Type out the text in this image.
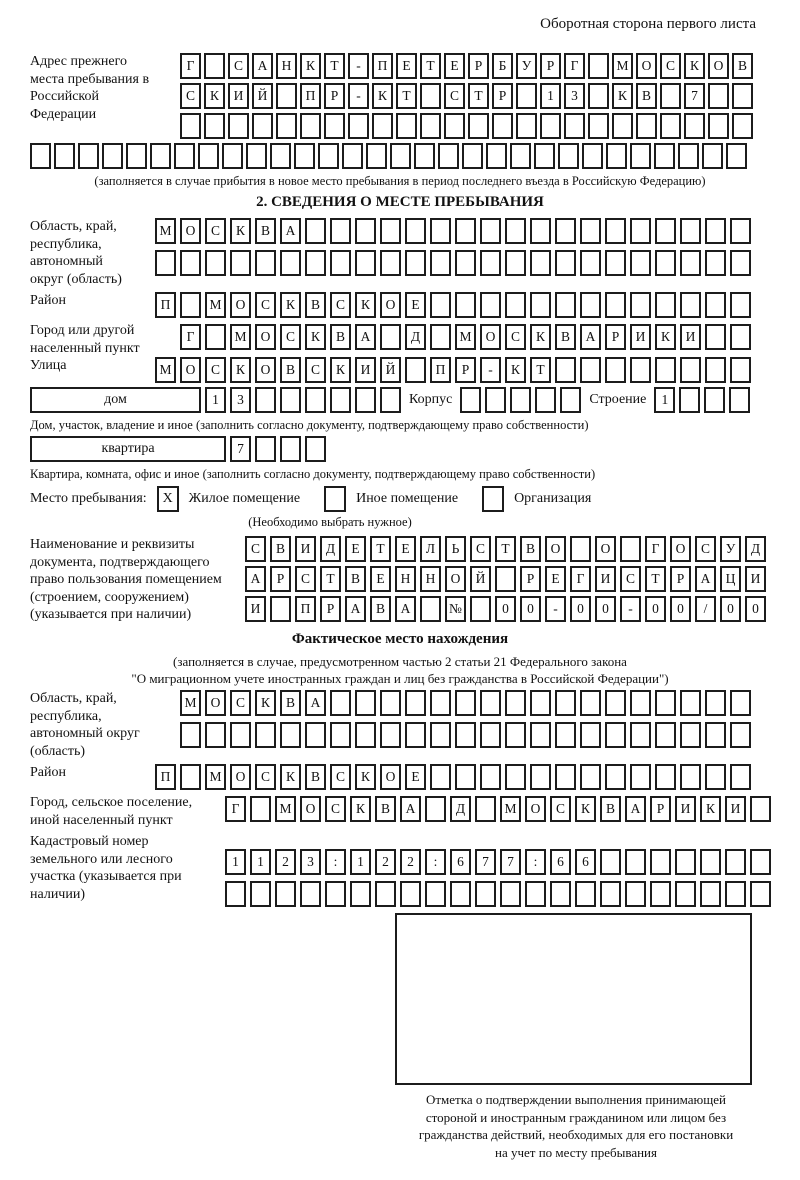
Оборотная сторона первого листа
Адрес прежнего места пребывания в Российской Федерации
Г	С	А	Н	К	Т	-	П	Е	Т	Е	Р	Б	У	Р	Г	М О	С	К	О	В
С	К	И	Й	П	Р	-	К	Т	С	Т	Р	1	3	К	В	7
(заполняется в случае прибытия в новое место пребывания в период последнего въезда в Российскую Федерацию)
2. СВЕДЕНИЯ О МЕСТЕ ПРЕБЫВАНИЯ
Область, край, республика, автономный округ (область)
М	О	С	К	В	А
Район	П	М	О	С	К	В	С	К	О	Е
Город или другой населенный пункт
Г	М	О	С	К	В	А	Д	М	О	С	К	В	А	Р	И	К	И
Улица	М	О	С	К	О	В	С	К	И	Й	П	Р	-	К	Т
дом	1	3	Корпус	Строение	1
Дом, участок, владение и иное (заполнить согласно документу, подтверждающему право собственности)
квартира	7
Квартира, комната, офис и иное (заполнить согласно документу, подтверждающему право собственности)
Место пребывания:	X	Жилое помещение	Иное помещение	Организация
(Необходимо выбрать нужное)
Наименование и реквизиты документа, подтверждающего право пользования помещением (строением, сооружением) (указывается при наличии)
С	В	И	Д	Е	Т	Е	Л	Ь	С	Т	В	О	О	Г	О	С	У	Д
А	Р	С	Т	В	Е	Н	Н	О	Й	Р	Е	Г	И	С	Т	Р	А	Ц	И
И	П	Р	А	В	А	№	0	0	-	0	0	-	0	0	/	0	0
Фактическое место нахождения
(заполняется в случае, предусмотренном частью 2 статьи 21 Федерального закона
"О миграционном учете иностранных граждан и лиц без гражданства в Российской Федерации")
Область, край, республика, автономный округ (область)
М	О	С	К	В	А
Район	П	М	О	С	К	В	С	К	О	Е
Город, сельское поселение, иной населенный пункт
Г	М	О	С	К	В	А	Д	М	О	С	К	В	А	Р	И	К	И
Кадастровый номер земельного или лесного участка (указывается при наличии)
1	1	2	3	:	1	2	2	:	6	7	7	:	6	6
Отметка о подтверждении выполнения принимающей
стороной и иностранным гражданином или лицом без
гражданства действий, необходимых для его постановки
на учет по месту пребывания
